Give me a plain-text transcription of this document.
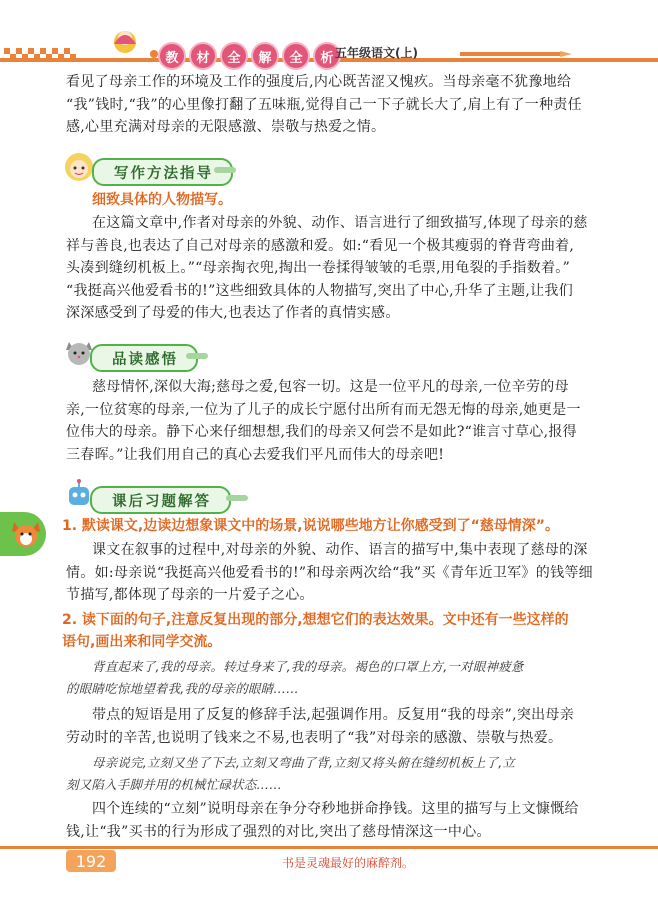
教	材	全	解	全	析 五年级语文(上)
看见了母亲工作的环境及工作的强度后,内心既苦涩又愧疚。当母亲毫不犹豫地给
“我”钱时,“我”的心里像打翻了五味瓶,觉得自己一下子就长大了,肩上有了一种责任
感,心里充满对母亲的无限感激、崇敬与热爱之情。
写作方法指导
细致具体的人物描写。
在这篇文章中,作者对母亲的外貌、动作、语言进行了细致描写,体现了母亲的慈
祥与善良,也表达了自己对母亲的感激和爱。如:“看见一个极其瘦弱的脊背弯曲着,
头凑到缝纫机板上。”“母亲掏衣兜,掏出一卷揉得皱皱的毛票,用龟裂的手指数着。”
“我挺高兴他爱看书的!”这些细致具体的人物描写,突出了中心,升华了主题,让我们
深深感受到了母爱的伟大,也表达了作者的真情实感。
品读感悟
慈母情怀,深似大海;慈母之爱,包容一切。这是一位平凡的母亲,一位辛劳的母
亲,一位贫寒的母亲,一位为了儿子的成长宁愿付出所有而无怨无悔的母亲,她更是一
位伟大的母亲。静下心来仔细想想,我们的母亲又何尝不是如此?“谁言寸草心,报得
三春晖。”让我们用自己的真心去爱我们平凡而伟大的母亲吧!
课后习题解答
1. 默读课文,边读边想象课文中的场景,说说哪些地方让你感受到了“慈母情深”。
课文在叙事的过程中,对母亲的外貌、动作、语言的描写中,集中表现了慈母的深
情。如:母亲说“我挺高兴他爱看书的!”和母亲两次给“我”买《青年近卫军》的钱等细
节描写,都体现了母亲的一片爱子之心。
2. 读下面的句子,注意反复出现的部分,想想它们的表达效果。文中还有一些这样的
语句,画出来和同学交流。
背直起来了,我的母亲。转过身来了,我的母亲。褐色的口罩上方,一对眼神疲惫
的眼睛吃惊地望着我,我的母亲的眼睛……
带点的短语是用了反复的修辞手法,起强调作用。反复用“我的母亲”,突出母亲
劳动时的辛苦,也说明了钱来之不易,也表明了“我”对母亲的感激、崇敬与热爱。
母亲说完,立刻又坐了下去,立刻又弯曲了背,立刻又将头俯在缝纫机板上了,立
刻又陷入手脚并用的机械忙碌状态……
四个连续的“立刻”说明母亲在争分夺秒地拼命挣钱。这里的描写与上文慷慨给
钱,让“我”买书的行为形成了强烈的对比,突出了慈母情深这一中心。
192	书是灵魂最好的麻醉剂。
